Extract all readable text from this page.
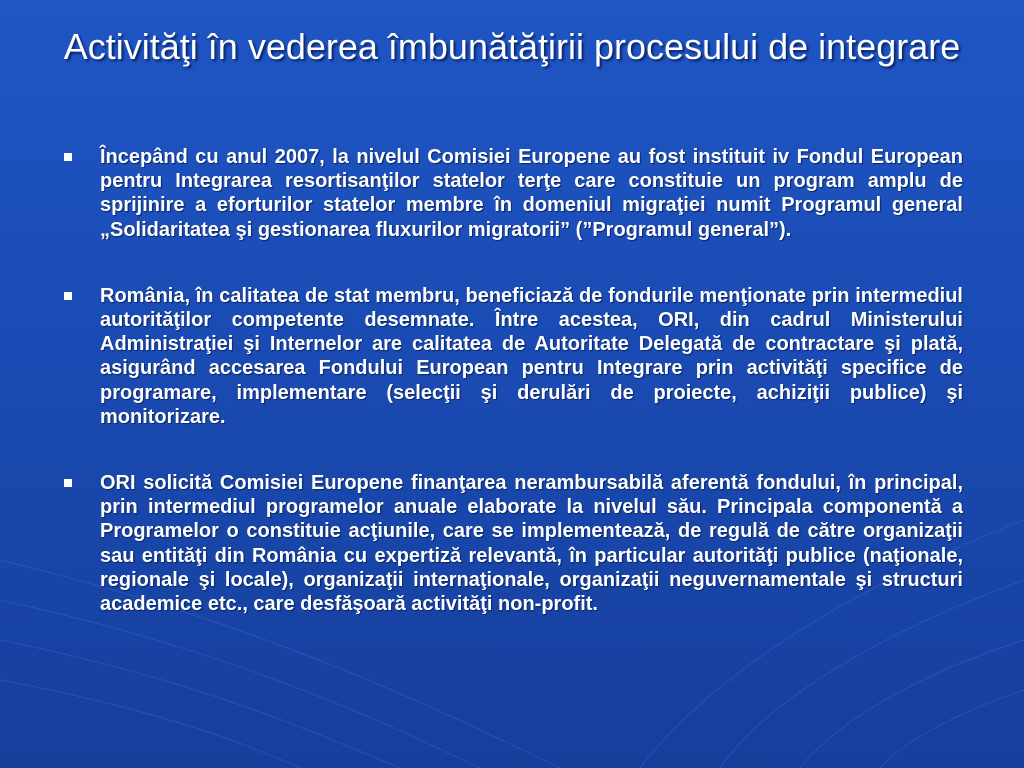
Activităţi în vederea îmbunătăţirii procesului de integrare
Începând cu anul 2007, la nivelul Comisiei Europene au fost instituit iv Fondul European pentru Integrarea resortisanţilor statelor terţe care constituie un program amplu de sprijinire a eforturilor statelor membre în domeniul migraţiei numit Programul general „Solidaritatea şi gestionarea fluxurilor migratorii” (”Programul general”).
România, în calitatea de stat membru, beneficiază de fondurile menţionate prin intermediul autorităţilor competente desemnate. Între acestea, ORI, din cadrul Ministerului Administraţiei şi Internelor are calitatea de Autoritate Delegată de contractare şi plată, asigurând accesarea Fondului European pentru Integrare prin activităţi specifice de programare, implementare (selecţii şi derulări de proiecte, achiziţii publice) şi monitorizare.
ORI solicită Comisiei Europene finanţarea nerambursabilă aferentă fondului, în principal, prin intermediul programelor anuale elaborate la nivelul său. Principala componentă a Programelor o constituie acţiunile, care se implementează, de regulă de către organizaţii sau entităţi din România cu expertiză relevantă, în particular autorităţi publice (naţionale, regionale şi locale), organizaţii internaţionale, organizaţii neguvernamentale şi structuri academice etc., care desfăşoară activităţi non-profit.
